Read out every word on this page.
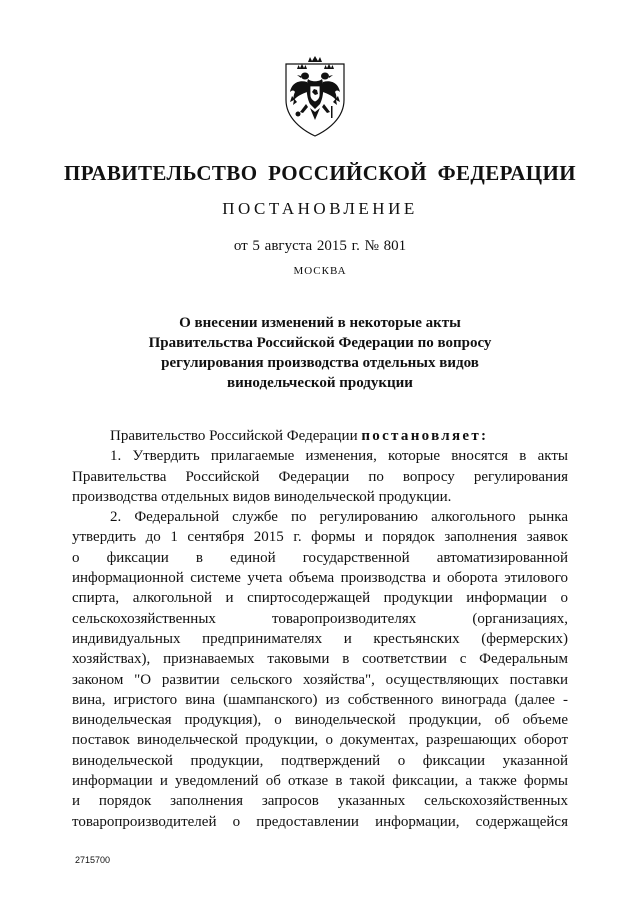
ПРАВИТЕЛЬСТВО РОССИЙСКОЙ ФЕДЕРАЦИИ
ПОСТАНОВЛЕНИЕ
от 5 августа 2015 г. № 801
МОСКВА
О внесении изменений в некоторые акты
Правительства Российской Федерации по вопросу
регулирования производства отдельных видов
винодельческой продукции
Правительство Российской Федерации постановляет:
1. Утвердить прилагаемые изменения, которые вносятся в акты
Правительства Российской Федерации по вопросу регулирования
производства отдельных видов винодельческой продукции.
2. Федеральной службе по регулированию алкогольного рынка
утвердить до 1 сентября 2015 г. формы и порядок заполнения заявок
о фиксации в единой государственной автоматизированной
информационной системе учета объема производства и оборота этилового
спирта, алкогольной и спиртосодержащей продукции информации о
сельскохозяйственных товаропроизводителях (организациях,
индивидуальных предпринимателях и крестьянских (фермерских)
хозяйствах), признаваемых таковыми в соответствии с Федеральным
законом "О развитии сельского хозяйства", осуществляющих поставки
вина, игристого вина (шампанского) из собственного винограда (далее -
винодельческая продукция), о винодельческой продукции, об объеме
поставок винодельческой продукции, о документах, разрешающих оборот
винодельческой продукции, подтверждений о фиксации указанной
информации и уведомлений об отказе в такой фиксации, а также формы
и порядок заполнения запросов указанных сельскохозяйственных
товаропроизводителей о предоставлении информации, содержащейся
2715700
